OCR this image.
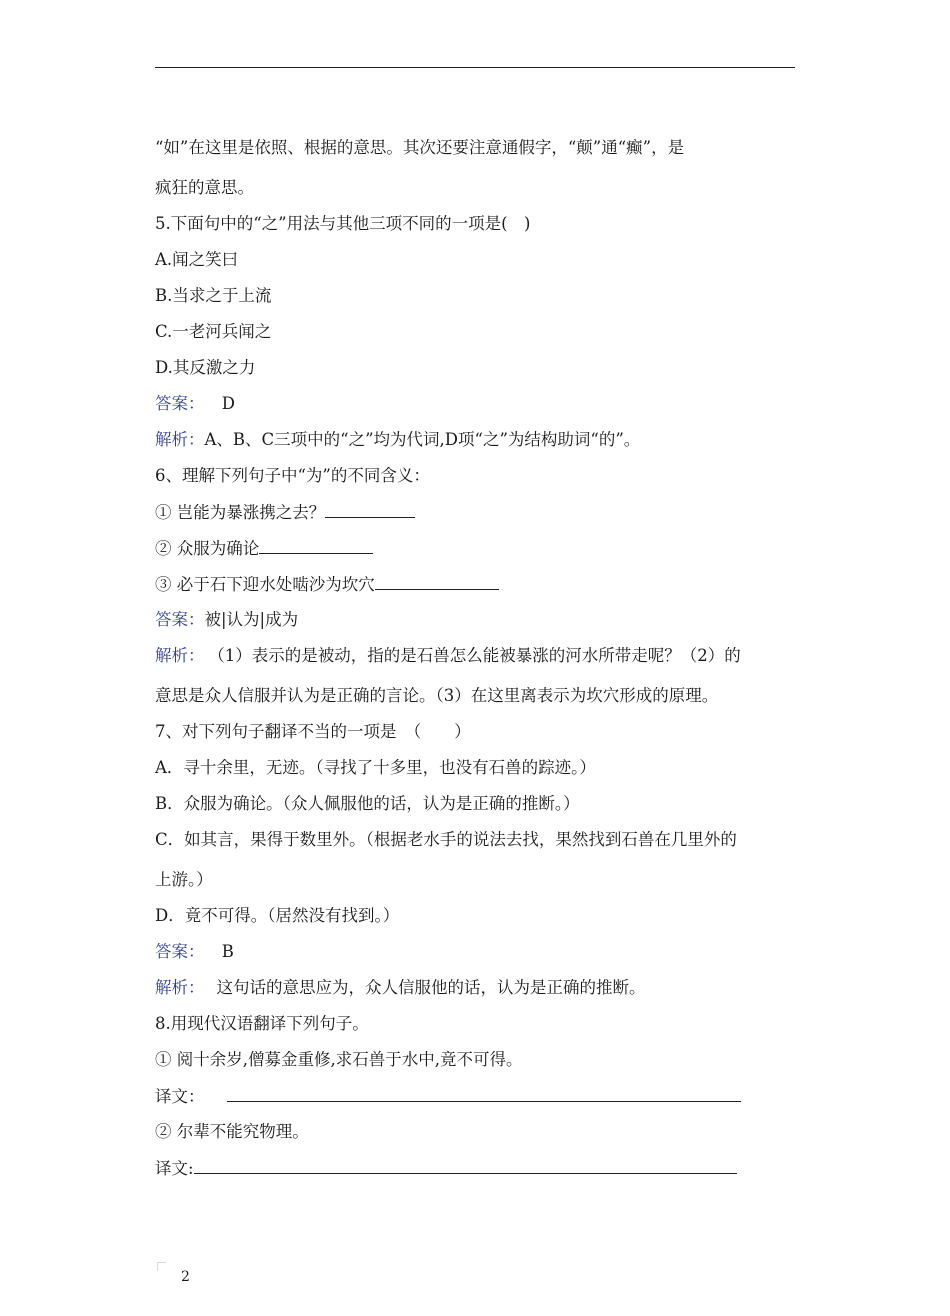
“如”在这里是依照、根据的意思。其次还要注意通假字，“颠”通“癫”，是
疯狂的意思。
5.下面句中的“之”用法与其他三项不同的一项是(　)
A.闻之笑曰
B.当求之于上流
C.一老河兵闻之
D.其反激之力
答案： D
解析：A、B、C三项中的“之”均为代词,D项“之”为结构助词“的”。
6、理解下列句子中“为”的不同含义：
① 岂能为暴涨携之去？
② 众服为确论
③ 必于石下迎水处啮沙为坎穴
答案：被|认为|成为
解析： （1）表示的是被动，指的是石兽怎么能被暴涨的河水所带走呢？（2）的
意思是众人信服并认为是正确的言论。（3）在这里离表示为坎穴形成的原理。
7、对下列句子翻译不当的一项是　（　　）
A．寻十余里，无迹。（寻找了十多里，也没有石兽的踪迹。）
B．众服为确论。（众人佩服他的话，认为是正确的推断。）
C．如其言，果得于数里外。（根据老水手的说法去找，果然找到石兽在几里外的
上游。）
D．竟不可得。（居然没有找到。）
答案： B
解析： 这句话的意思应为，众人信服他的话，认为是正确的推断。
8.用现代汉语翻译下列句子。
① 阅十余岁,僧募金重修,求石兽于水中,竟不可得。
译文：
② 尔辈不能究物理。
译文:
2
